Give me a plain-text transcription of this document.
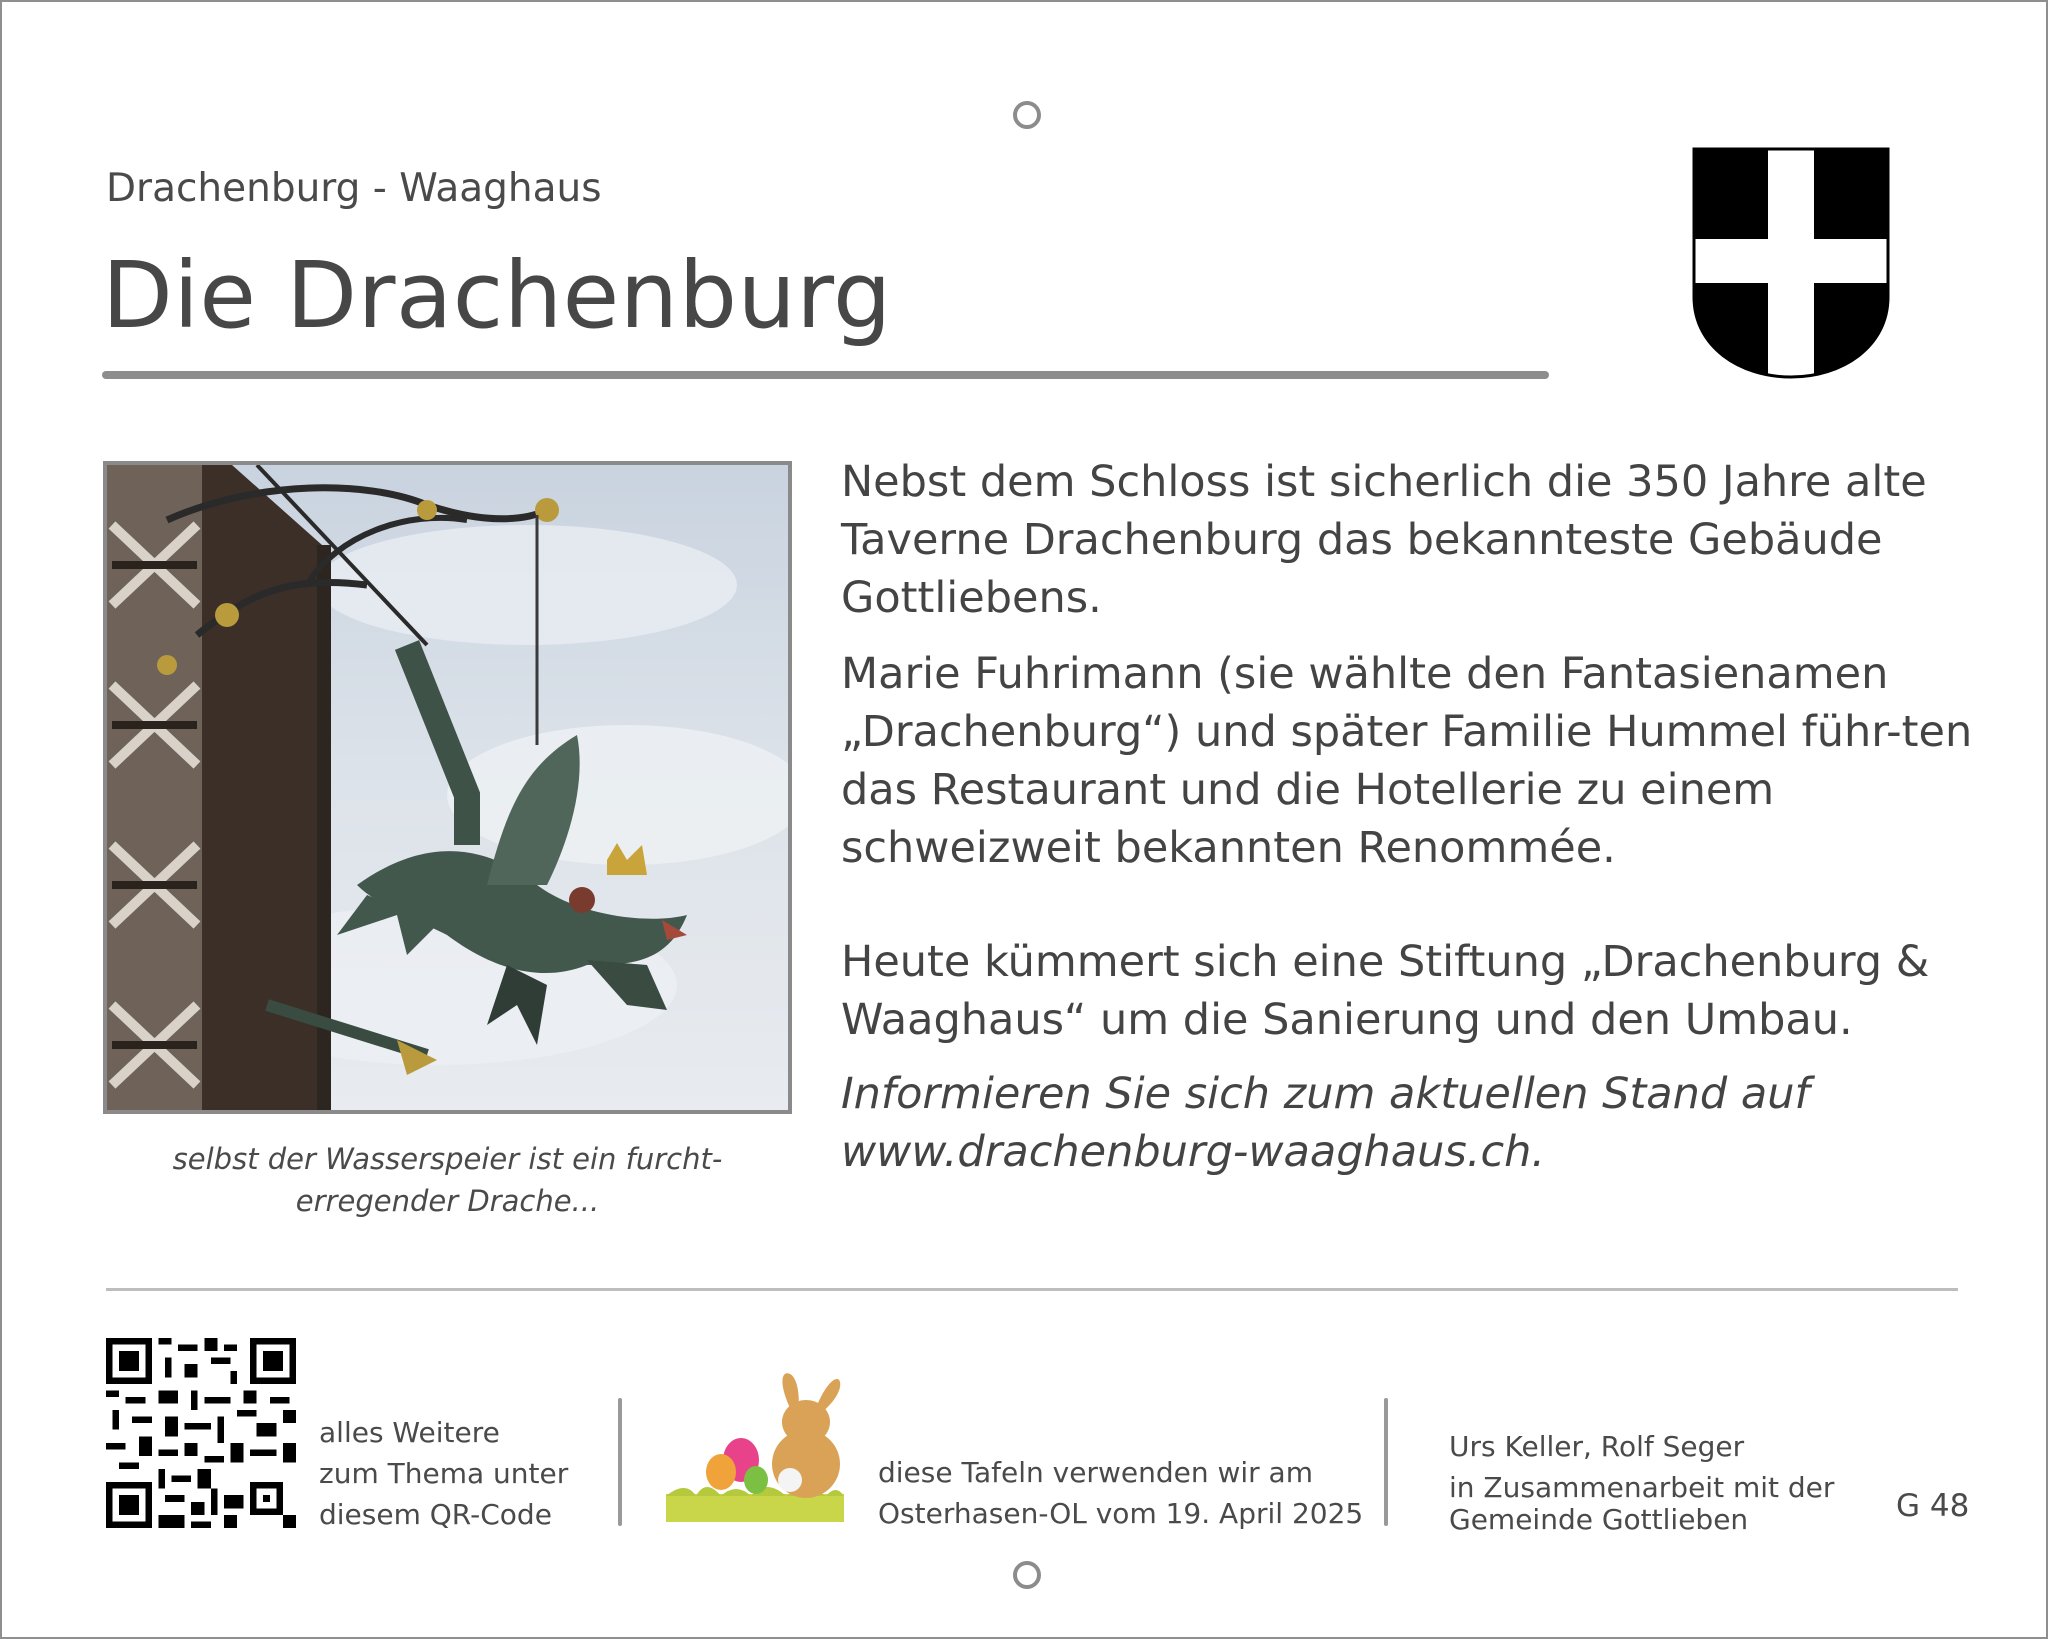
Drachenburg - Waaghaus
Die Drachenburg
selbst der Wasserspeier ist ein furcht-erregender Drache...
Nebst dem Schloss ist sicherlich die 350 Jahre alte Taverne Drachenburg das bekannteste Gebäude Gottliebens.
Marie Fuhrimann (sie wählte den Fantasienamen „Drachenburg“) und später Familie Hummel führ-ten das Restaurant und die Hotellerie zu einem schweizweit bekannten Renommée.
Heute kümmert sich eine Stiftung „Drachenburg & Waaghaus“ um die Sanierung und den Umbau.
Informieren Sie sich zum aktuellen Stand auf www.drachenburg-waaghaus.ch.
alles Weitere
zum Thema unter
diesem QR-Code
diese Tafeln verwenden wir am
Osterhasen-OL vom 19. April 2025
Urs Keller, Rolf Seger
in Zusammenarbeit mit der
Gemeinde Gottlieben	G 48
